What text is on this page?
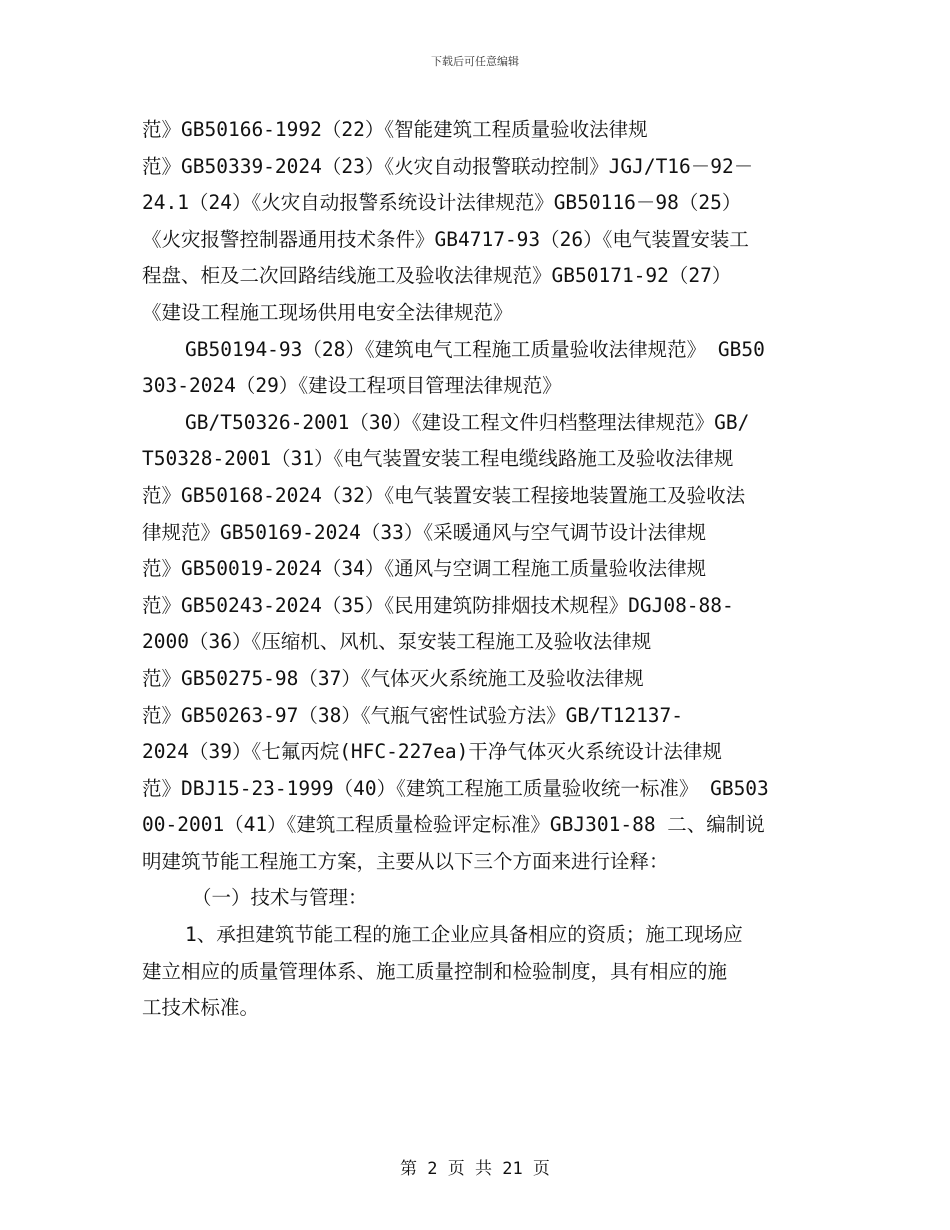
下载后可任意编辑
范》GB50166-1992（22）《智能建筑工程质量验收法律规
范》GB50339-2024（23）《火灾自动报警联动控制》JGJ/T16－92－
24.1（24）《火灾自动报警系统设计法律规范》GB50116－98（25）
《火灾报警控制器通用技术条件》GB4717-93（26）《电气装置安装工
程盘、柜及二次回路结线施工及验收法律规范》GB50171-92（27）
《建设工程施工现场供用电安全法律规范》
GB50194-93（28）《建筑电气工程施工质量验收法律规范》 GB50
303-2024（29）《建设工程项目管理法律规范》
GB/T50326-2001（30）《建设工程文件归档整理法律规范》GB/
T50328-2001（31）《电气装置安装工程电缆线路施工及验收法律规
范》GB50168-2024（32）《电气装置安装工程接地装置施工及验收法
律规范》GB50169-2024（33）《采暖通风与空气调节设计法律规
范》GB50019-2024（34）《通风与空调工程施工质量验收法律规
范》GB50243-2024（35）《民用建筑防排烟技术规程》DGJ08-88-
2000（36）《压缩机、风机、泵安装工程施工及验收法律规
范》GB50275-98（37）《气体灭火系统施工及验收法律规
范》GB50263-97（38）《气瓶气密性试验方法》GB/T12137-
2024（39）《七氟丙烷(HFC-227ea)干净气体灭火系统设计法律规
范》DBJ15-23-1999（40）《建筑工程施工质量验收统一标准》 GB503
00-2001（41）《建筑工程质量检验评定标准》GBJ301-88 二、编制说
明建筑节能工程施工方案，主要从以下三个方面来进行诠释：
（一）技术与管理：
1、承担建筑节能工程的施工企业应具备相应的资质；施工现场应
建立相应的质量管理体系、施工质量控制和检验制度，具有相应的施
工技术标准。
第 2 页 共 21 页
